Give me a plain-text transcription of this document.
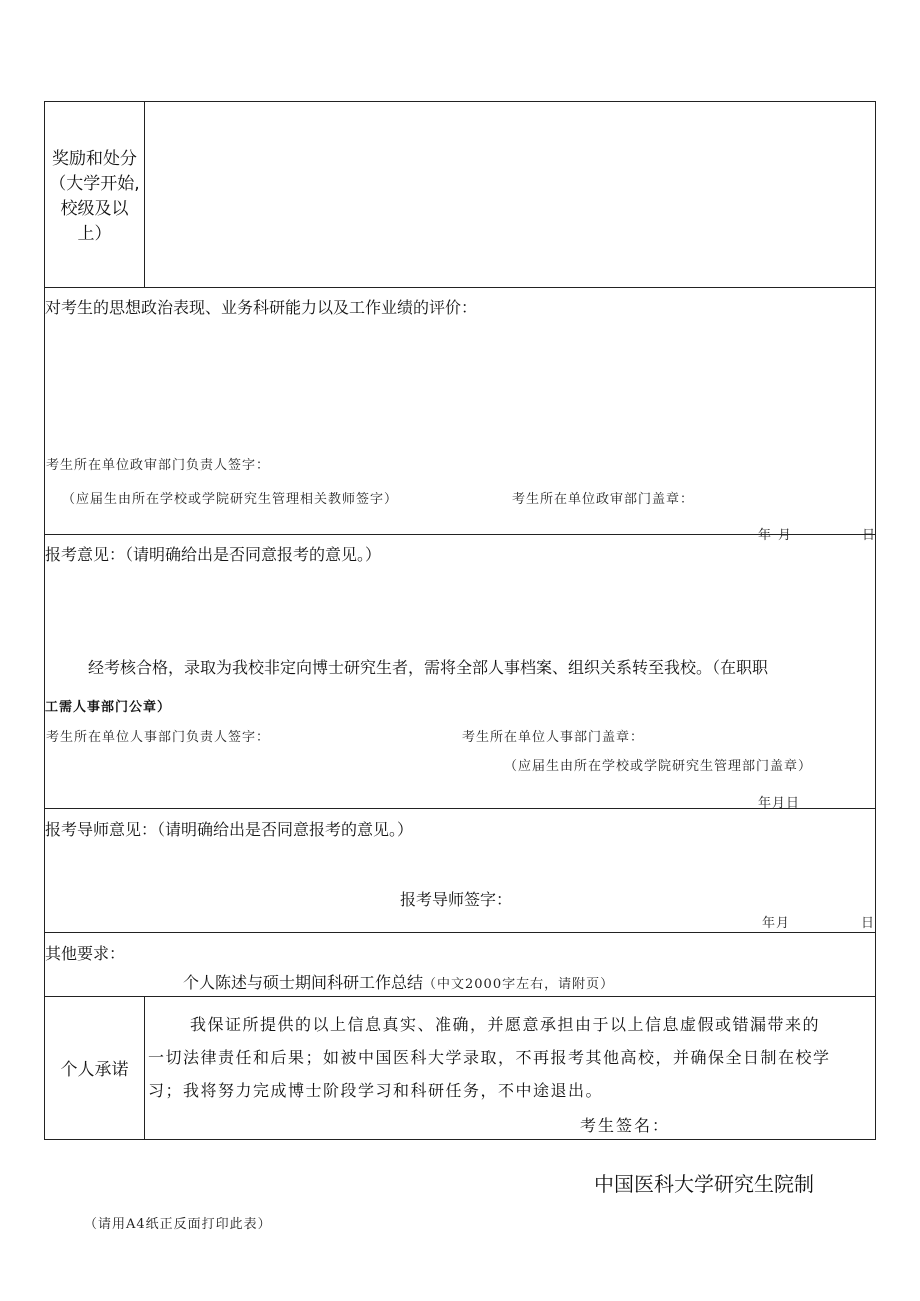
奖励和处分
（大学开始,
校级及以
上）
对考生的思想政治表现、业务科研能力以及工作业绩的评价：
考生所在单位政审部门负责人签字：
（应届生由所在学校或学院研究生管理相关教师签字）	考生所在单位政审部门盖章：
年 月	日
报考意见：（请明确给出是否同意报考的意见。）
经考核合格，录取为我校非定向博士研究生者，需将全部人事档案、组织关系转至我校。（在职职
工需人事部门公章）
考生所在单位人事部门负责人签字：	考生所在单位人事部门盖章：
（应届生由所在学校或学院研究生管理部门盖章）
年月日
报考导师意见：（请明确给出是否同意报考的意见。）
报考导师签字：
年月	日
其他要求：
个人陈述与硕士期间科研工作总结（中文2000字左右，请附页）
个人承诺
我保证所提供的以上信息真实、准确，并愿意承担由于以上信息虚假或错漏带来的
一切法律责任和后果；如被中国医科大学录取，不再报考其他高校，并确保全日制在校学
习；我将努力完成博士阶段学习和科研任务，不中途退出。
考生签名：
中国医科大学研究生院制
（请用A4纸正反面打印此表）
